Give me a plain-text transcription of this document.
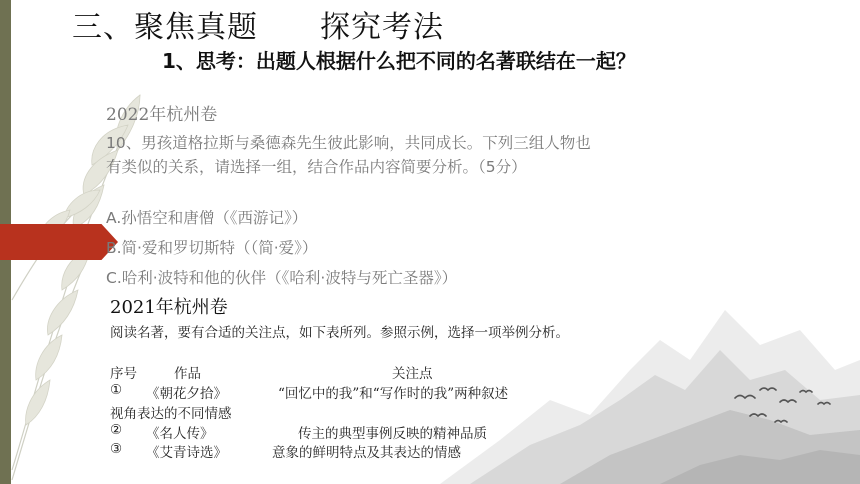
三、聚焦真题　　探究考法
1、思考：出题人根据什么把不同的名著联结在一起？
2022年杭州卷
10、男孩道格拉斯与桑德森先生彼此影响，共同成长。下列三组人物也有类似的关系，请选择一组，结合作品内容简要分析。（5分）
A.孙悟空和唐僧（《西游记》）
B.简·爱和罗切斯特（（简·爱》）
C.哈利·波特和他的伙伴（《哈利·波特与死亡圣器》）
2021年杭州卷
阅读名著，要有合适的关注点，如下表所列。参照示例，选择一项举例分析。
序号	作品	关注点
① 《朝花夕拾》	“回忆中的我”和“写作时的我”两种叙述
视角表达的不同情感
② 《名人传》	传主的典型事例反映的精神品质
③ 《艾青诗选》	意象的鲜明特点及其表达的情感
